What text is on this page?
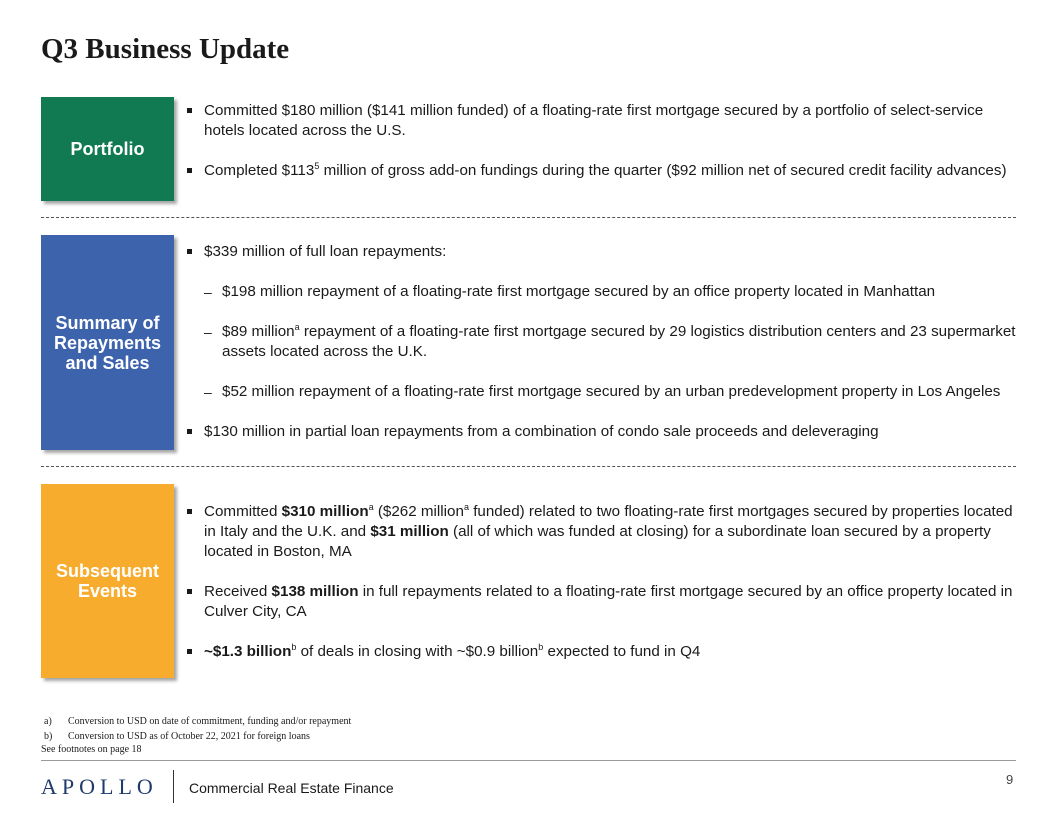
Q3 Business Update
Portfolio
Committed $180 million ($141 million funded) of a floating-rate first mortgage secured by a portfolio of select-service hotels located across the U.S.
Completed $\$113^5$ million of gross add-on fundings during the quarter ($92 million net of secured credit facility advances)
Summary of Repayments and Sales
$339 million of full loan repayments:
– $198 million repayment of a floating-rate first mortgage secured by an office property located in Manhattan
– $89 million$^a$ repayment of a floating-rate first mortgage secured by 29 logistics distribution centers and 23 supermarket assets located across the U.K.
– $52 million repayment of a floating-rate first mortgage secured by an urban predevelopment property in Los Angeles
$130 million in partial loan repayments from a combination of condo sale proceeds and deleveraging
Subsequent Events
Committed $310 million$^a$ ($262 million$^a$ funded) related to two floating-rate first mortgages secured by properties located in Italy and the U.K. and $31 million (all of which was funded at closing) for a subordinate loan secured by a property located in Boston, MA
Received $138 million in full repayments related to a floating-rate first mortgage secured by an office property located in Culver City, CA
~$1.3 billion$^b$ of deals in closing with ~$0.9 billion$^b$ expected to fund in Q4
a)	Conversion to USD on date of commitment, funding and/or repayment
b)	Conversion to USD as of October 22, 2021 for foreign loans
See footnotes on page 18
APOLLO Commercial Real Estate Finance
9
